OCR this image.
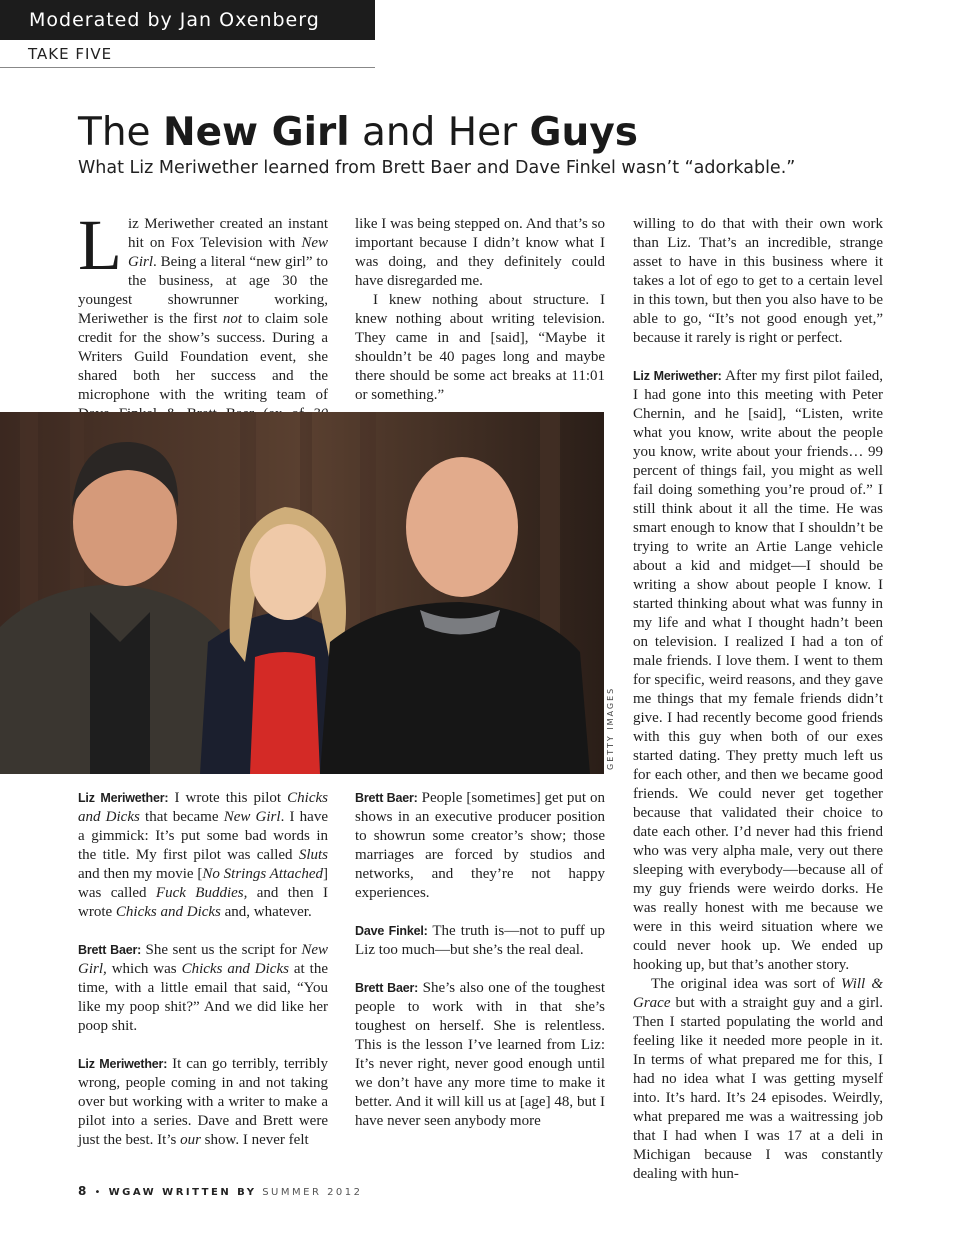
Moderated by Jan Oxenberg
TAKE FIVE
The New Girl and Her Guys

What Liz Meriwether learned from Brett Baer and Dave Finkel wasn’t “adorkable.”

Liz Meriwether created an instant hit on Fox Television with New Girl. Being a literal “new girl” to the business, at age 30 the youngest showrunner working, Meriwether is the first not to claim sole credit for the show’s success. During a Writers Guild Foundation event, she shared both her success and the microphone with the writing team of

like I was being stepped on. And that’s so important because I didn’t know what I was doing, and they definitely could have disregarded me.

I knew nothing about structure. I knew nothing about writing television. They came in and [said], “Maybe it shouldn’t be 40 pages long and maybe there should be some act breaks at 11:01 or something.”

GETTY IMAGES

Liz Meriwether: I wrote this pilot Chicks and Dicks that became New Girl. I have a gimmick: It’s put some bad words in the title. My first pilot was called Sluts and then my movie [No Strings Attached] was called Fuck Buddies, and then I wrote Chicks and Dicks and, whatever.

Brett Baer: She sent us the script for New Girl, which was Chicks and Dicks at the time, with a little email that said, “You like my poop shit?” And we did like her poop shit.

Liz Meriwether: It can go terribly, terribly wrong, people coming in and not taking over but working with a writer to make a pilot into a series. Dave and Brett were just the best. It’s our show. I never felt

Brett Baer: People [sometimes] get put on shows in an executive producer position to showrun some creator’s show; those marriages are forced by studios and networks, and they’re not happy experiences.

Dave Finkel: The truth is—not to puff up Liz too much—but she’s the real deal.

Brett Baer: She’s also one of the toughest people to work with in that she’s toughest on herself. She is relentless. This is the lesson I’ve learned from Liz: It’s never right, never good enough until we don’t have any more time to make it better. And it will kill us at [age] 48, but I have never seen anybody more

willing to do that with their own work than Liz. That’s an incredible, strange asset to have in this business where it takes a lot of ego to get to a certain level in this town, but then you also have to be able to go, “It’s not good enough yet,” because it rarely is right or perfect.

Liz Meriwether: After my first pilot failed, I had gone into this meeting with Peter Chernin, and he [said], “Listen, write what you know, write about the people you know, write about your friends… 99 percent of things fail, you might as well fail doing something you’re proud of.” I still think about it all the time. He was smart enough to know that I shouldn’t be trying to write an Artie Lange vehicle about a kid and midget—I should be writing a show about people I know. I started thinking about what was funny in my life and what I thought hadn’t been on television. I realized I had a ton of male friends. I love them. I went to them for specific, weird reasons, and they gave me things that my female friends didn’t give. I had recently become good friends with this guy when both of our exes started dating. They pretty much left us for each other, and then we became good friends. We could never get together because that validated their choice to date each other. I’d never had this friend who was very alpha male, very out there sleeping with everybody—because all of my guy friends were weirdo dorks. He was really honest with me because we were in this weird situation where we could never hook up. We ended up hooking up, but that’s another story.

The original idea was sort of Will & Grace but with a straight guy and a girl. Then I started populating the world and feeling like it needed more people in it. In terms of what prepared me for this, I had no idea what I was getting myself into. It’s hard. It’s 24 episodes. Weirdly, what prepared me was a waitressing job that I had when I was 17 at a deli in Michigan because I was constantly dealing with hun-

8 • WGAW WRITTEN BY SUMMER 2012
